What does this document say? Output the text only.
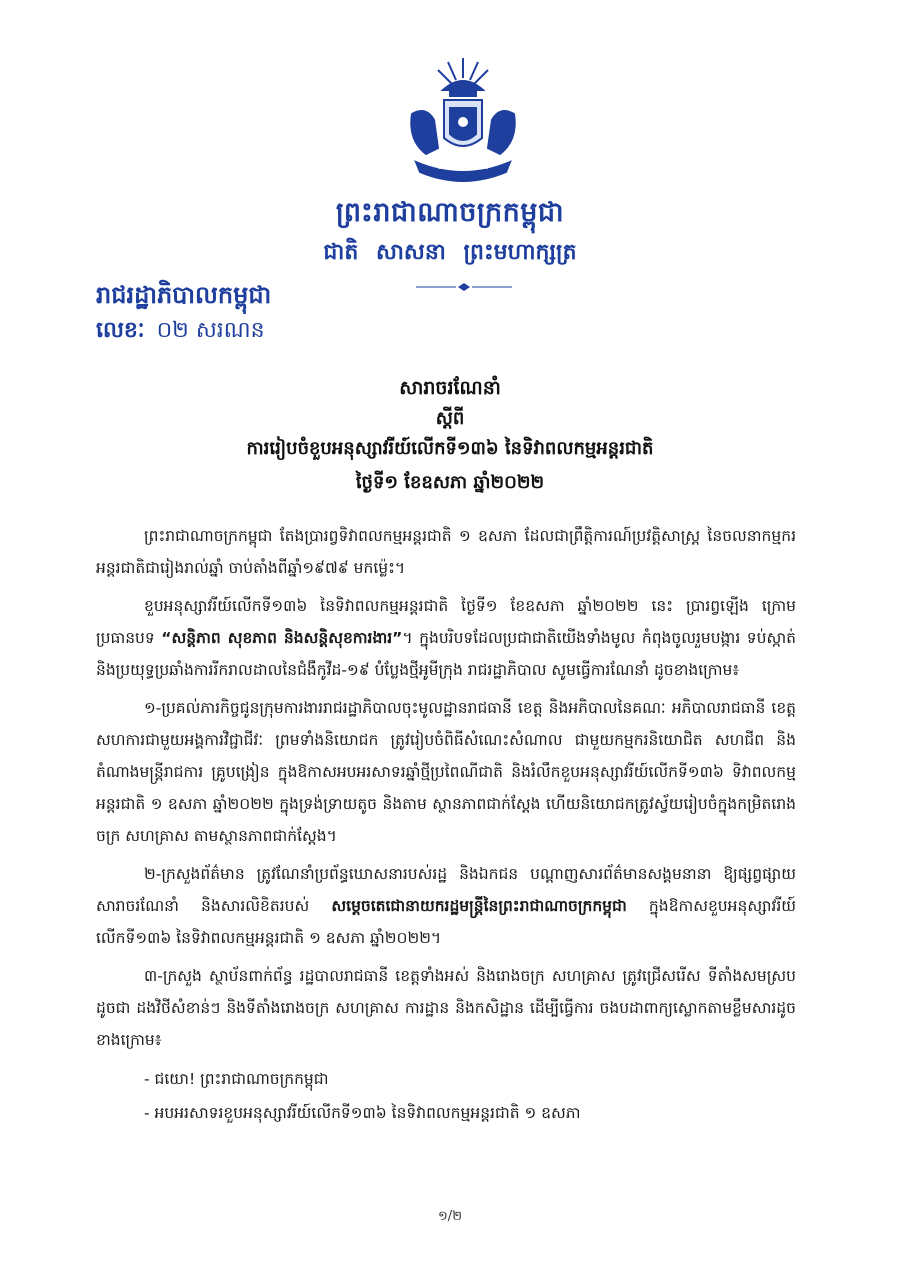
ព្រះរាជាណាចក្រកម្ពុជា
ជាតិ សាសនា ព្រះមហាក្សត្រ
រាជរដ្ឋាភិបាលកម្ពុជា
លេខៈ ០២ សរណន
សារាចរណែនាំ
ស្តីពី
ការរៀបចំខួបអនុស្សាវរីយ៍លើកទី១៣៦ នៃទិវាពលកម្មអន្តរជាតិ
ថ្ងៃទី១ ខែឧសភា ឆ្នាំ២០២២

ព្រះរាជាណាចក្រកម្ពុជា តែងប្រារព្វទិវាពលកម្មអន្តរជាតិ ១ ឧសភា ដែលជាព្រឹត្តិការណ៍ប្រវត្តិសាស្ត្រ នៃចលនាកម្មករអន្តរជាតិជារៀងរាល់ឆ្នាំ ចាប់តាំងពីឆ្នាំ១៩៧៩ មកម្ល៉េះ។

ខួបអនុស្សាវរីយ៍លើកទី១៣៦ នៃទិវាពលកម្មអន្តរជាតិ ថ្ងៃទី១ ខែឧសភា ឆ្នាំ២០២២ នេះ ប្រារព្វឡើង ក្រោមប្រធានបទ “សន្តិភាព សុខភាព និងសន្តិសុខការងារ”។ ក្នុងបរិបទដែលប្រជាជាតិយើងទាំងមូល កំពុងចូលរួមបង្ការ ទប់ស្កាត់ និងប្រយុទ្ធប្រឆាំងការរីករាលដាលនៃជំងឺកូវីដ-១៩ បំប្លែងថ្មីអូមីក្រុង រាជរដ្ឋាភិបាល សូមធ្វើការណែនាំ ដូចខាងក្រោម៖

១-ប្រគល់ភារកិច្ចជូនក្រុមការងាររាជរដ្ឋាភិបាលចុះមូលដ្ឋានរាជធានី ខេត្ត និងអភិបាលនៃគណៈ អភិបាលរាជធានី ខេត្ត សហការជាមួយអង្គការវិជ្ជាជីវៈ ព្រមទាំងនិយោជក ត្រូវរៀបចំពិធីសំណេះសំណាល ជាមួយកម្មករនិយោជិត សហជីព និងតំណាងមន្ត្រីរាជការ គ្រូបង្រៀន ក្នុងឱកាសអបអរសាទរឆ្នាំថ្មីប្រពៃណីជាតិ និងរំលឹកខួបអនុស្សាវរីយ៍លើកទី១៣៦ ទិវាពលកម្មអន្តរជាតិ ១ ឧសភា ឆ្នាំ២០២២ ក្នុងទ្រង់ទ្រាយតូច និងតាម ស្ថានភាពជាក់ស្តែង ហើយនិយោជកត្រូវស្វ័យរៀបចំក្នុងកម្រិតរោងចក្រ សហគ្រាស តាមស្ថានភាពជាក់ស្តែង។

២-ក្រសួងព័ត៌មាន ត្រូវណែនាំប្រព័ន្ធឃោសនារបស់រដ្ឋ និងឯកជន បណ្តាញសារព័ត៌មានសង្គមនានា ឱ្យផ្សព្វផ្សាយសារាចរណែនាំ និងសារលិខិតរបស់ សម្តេចតេជោនាយករដ្ឋមន្ត្រីនៃព្រះរាជាណាចក្រកម្ពុជា ក្នុងឱកាសខួបអនុស្សាវរីយ៍លើកទី១៣៦ នៃទិវាពលកម្មអន្តរជាតិ ១ ឧសភា ឆ្នាំ២០២២។

៣-ក្រសួង ស្ថាប័នពាក់ព័ន្ធ រដ្ឋបាលរាជធានី ខេត្តទាំងអស់ និងរោងចក្រ សហគ្រាស ត្រូវជ្រើសរើស ទីតាំងសមស្រប ដូចជា ដងវិថីសំខាន់ៗ និងទីតាំងរោងចក្រ សហគ្រាស ការដ្ឋាន និងកសិដ្ឋាន ដើម្បីធ្វើការ ចងបដាពាក្យស្លោកតាមខ្លឹមសារដូចខាងក្រោម៖

- ជយោ! ព្រះរាជាណាចក្រកម្ពុជា
- អបអរសាទរខួបអនុស្សាវរីយ៍លើកទី១៣៦ នៃទិវាពលកម្មអន្តរជាតិ ១ ឧសភា
១/២
